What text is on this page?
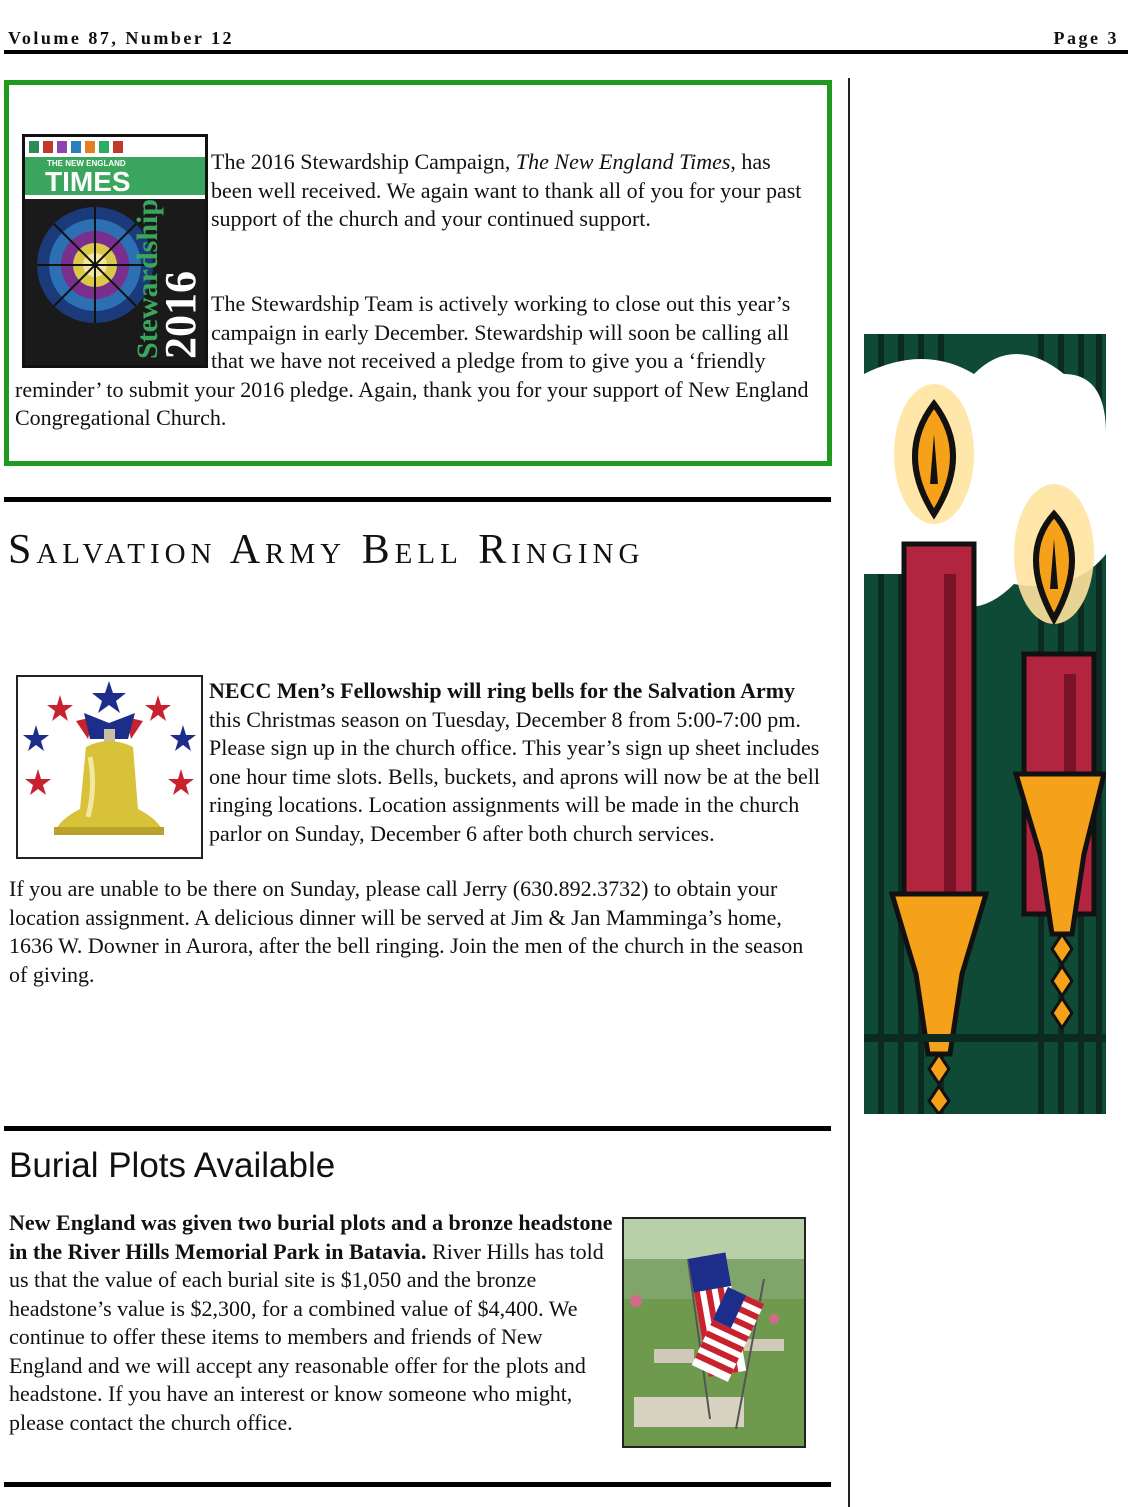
Volume 87, Number 12	Page 3
THE NEW ENGLAND
TIMES
Stewardship
2016

The 2016 Stewardship Campaign, The New England Times, has been well received. We again want to thank all of you for your past support of the church and your continued support.

The Stewardship Team is actively working to close out this year’s campaign in early December. Stewardship will soon be calling all that we have not received a pledge from to give you a ‘friendly reminder’ to submit your 2016 pledge. Again, thank you for your support of New England Congregational Church.

Salvation Army Bell Ringing

NECC Men’s Fellowship will ring bells for the Salvation Army this Christmas season on Tuesday, December 8 from 5:00-7:00 pm. Please sign up in the church office. This year’s sign up sheet includes one hour time slots. Bells, buckets, and aprons will now be at the bell ringing locations. Location assignments will be made in the church parlor on Sunday, December 6 after both church services.

If you are unable to be there on Sunday, please call Jerry (630.892.3732) to obtain your location assignment. A delicious dinner will be served at Jim & Jan Mamminga’s home, 1636 W. Downer in Aurora, after the bell ringing. Join the men of the church in the season of giving.

Burial Plots Available

New England was given two burial plots and a bronze headstone in the River Hills Memorial Park in Batavia. River Hills has told us that the value of each burial site is $1,050 and the bronze headstone’s value is $2,300, for a combined value of $4,400. We continue to offer these items to members and friends of New England and we will accept any reasonable offer for the plots and headstone. If you have an interest or know someone who might, please contact the church office.
